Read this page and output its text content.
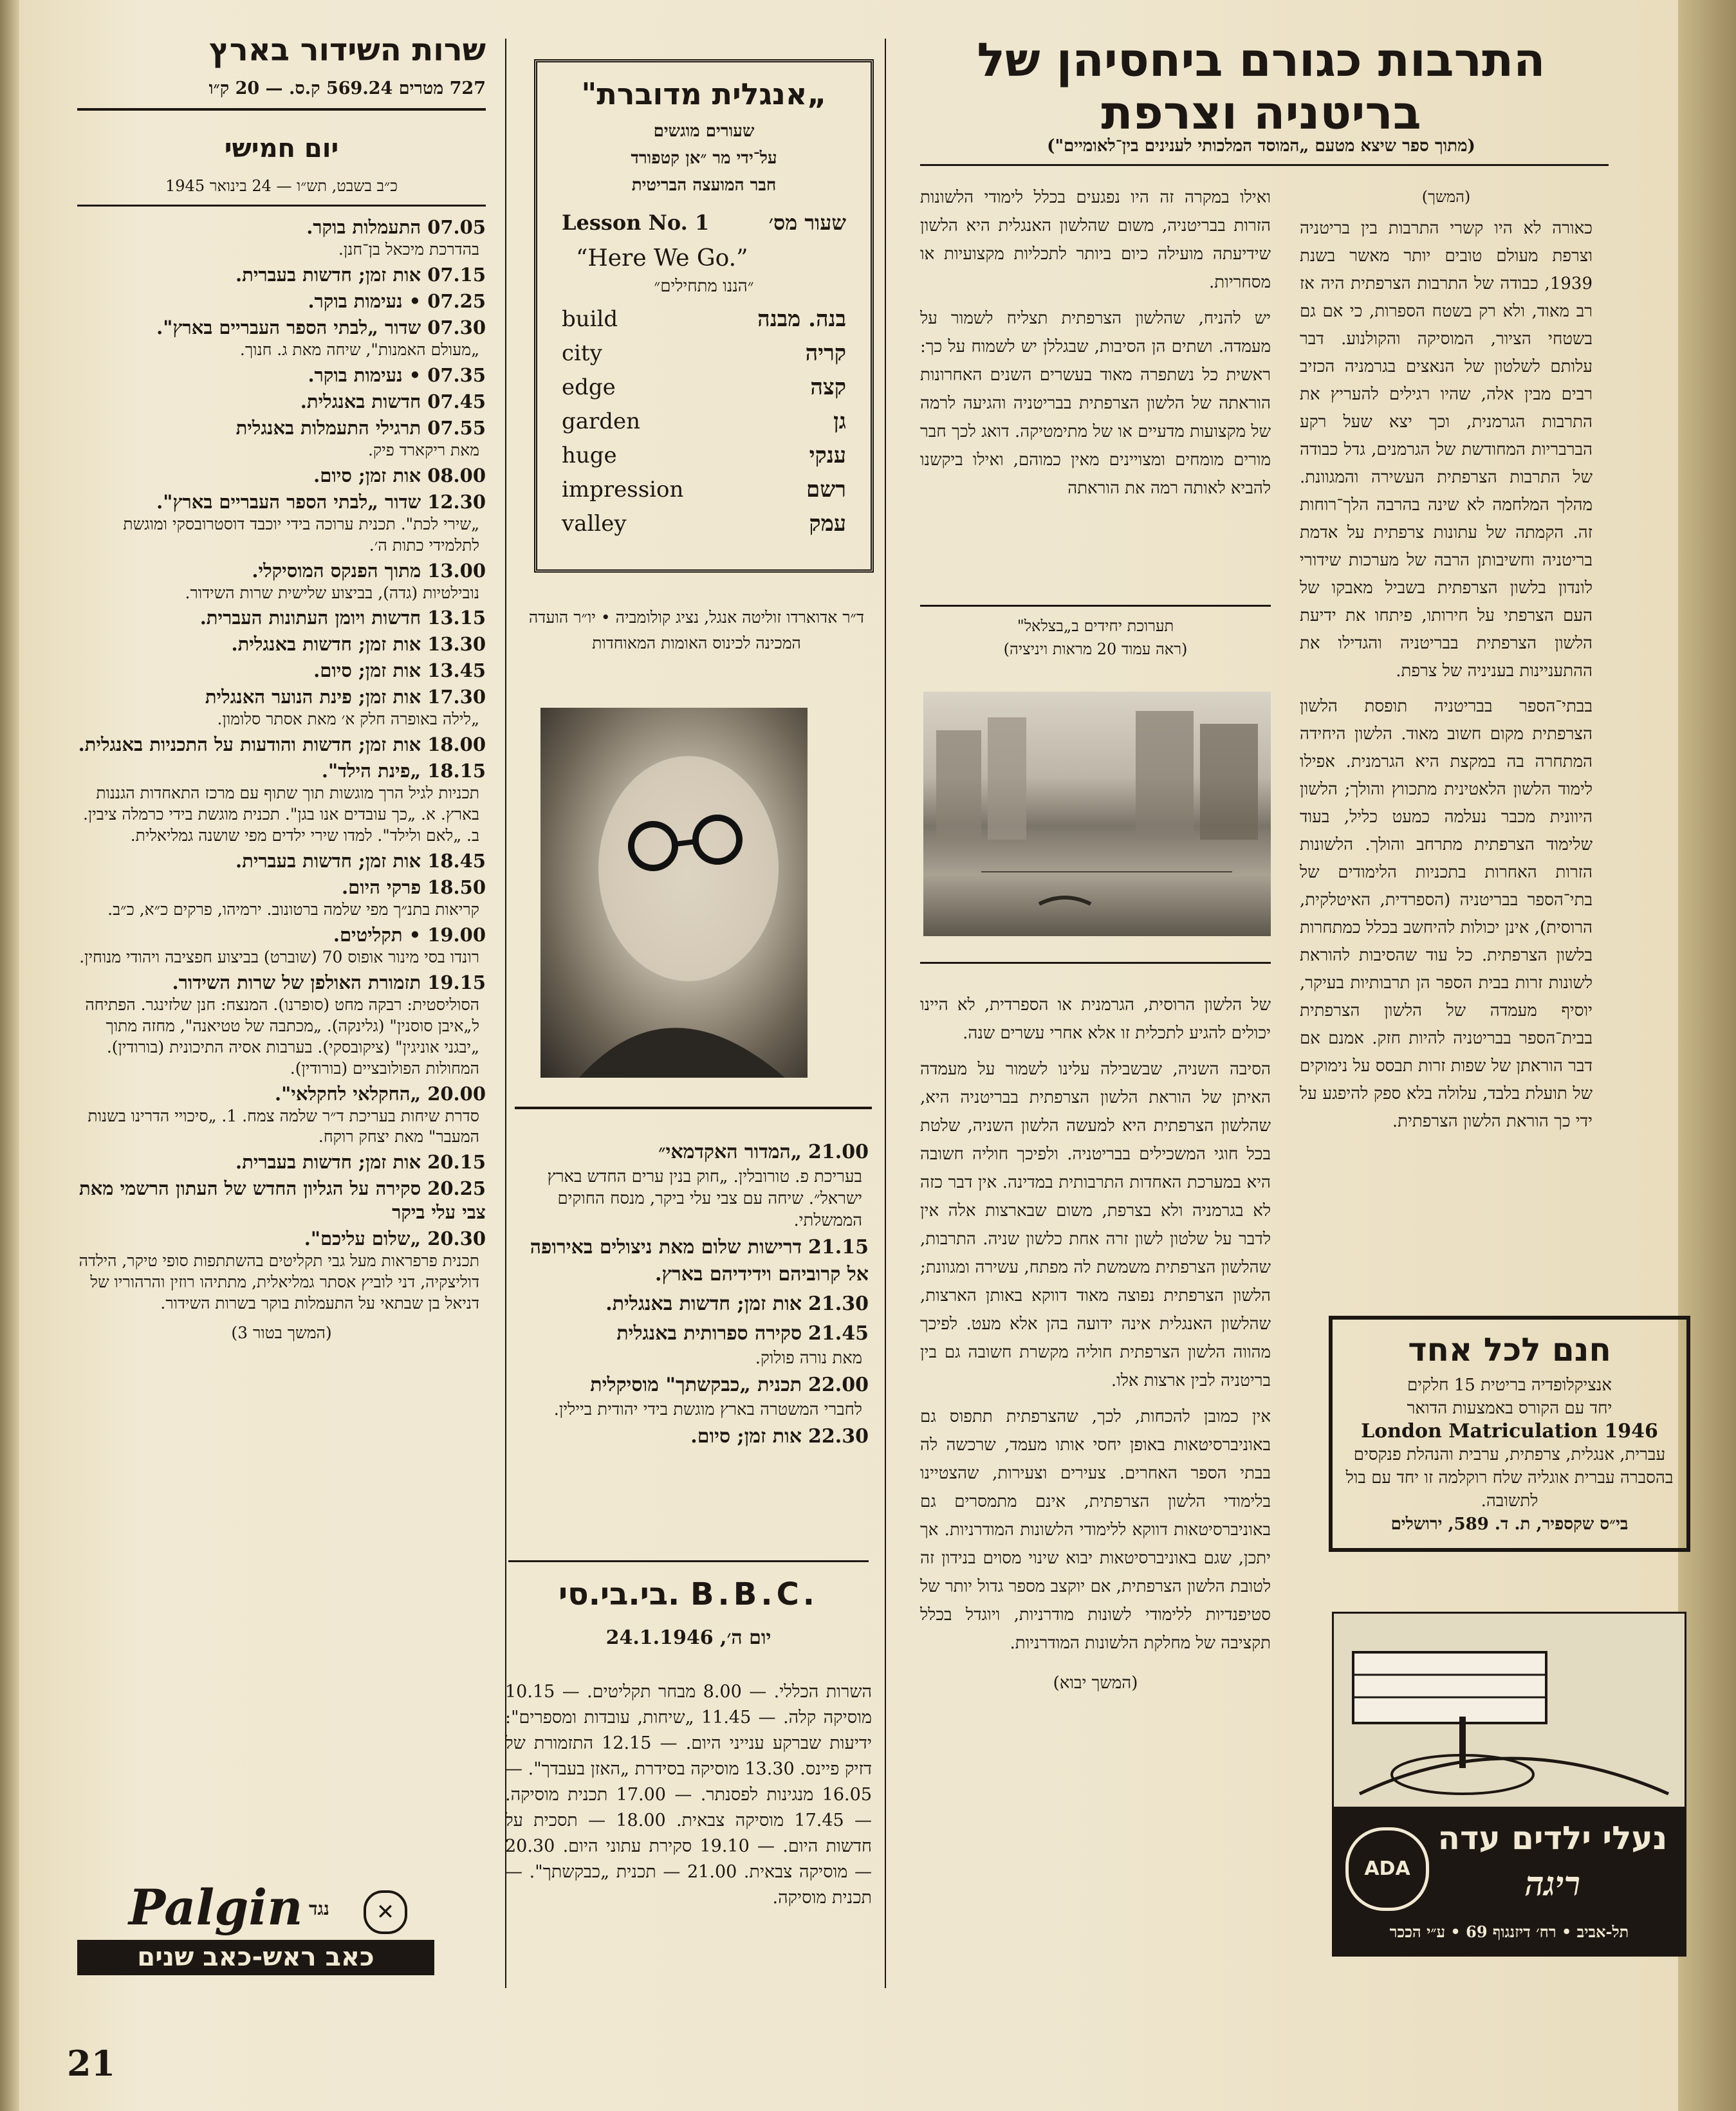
התרבות כגורם ביחסיהן של בריטניה וצרפת
(מתוך ספר שיצא מטעם „המוסד המלכותי לענינים בין־לאומיים")
(המשך)

כאורה לא היו קשרי התרבות בין בריטניה וצרפת מעולם טובים יותר מאשר בשנת 1939, כבודה של התרבות הצרפתית היה אז רב מאוד, ולא רק בשטח הספרות, כי אם גם בשטחי הציור, המוסיקה והקולנוע. דבר עלותם לשלטון של הנאצים בגרמניה הכזיב רבים מבין אלה, שהיו רגילים להעריץ את התרבות הגרמנית, וכך יצא שעל רקע הברבריות המחודשת של הגרמנים, גדל כבודה של התרבות הצרפתית העשירה והמגוונת. מהלך המלחמה לא שינה בהרבה הלך־רוחות זה. הקמתה של עתונות צרפתית על אדמת בריטניה וחשיבותן הרבה של מערכות שידורי לונדון בלשון הצרפתית בשביל מאבקו של העם הצרפתי על חירותו, פיתחו את ידיעת הלשון הצרפתית בבריטניה והגדילו את ההתעניינות בעניניה של צרפת.

בבתי־הספר בבריטניה תופסת הלשון הצרפתית מקום חשוב מאוד. הלשון היחידה המתחרה בה במקצת היא הגרמנית. אפילו לימוד הלשון הלאטינית מתכווץ והולך; הלשון היוונית מכבר נעלמה כמעט כליל, בעוד שלימוד הצרפתית מתרחב והולך. הלשונות הזרות האחרות בתכניות הלימודים של בתי־הספר בבריטניה (הספרדית, האיטלקית, הרוסית), אינן יכולות להיחשב בכלל כמתחרות בלשון הצרפתית. כל עוד שהסיבות להוראת לשונות זרות בבית הספר הן תרבותיות בעיקר, יוסיף מעמדה של הלשון הצרפתית בבית־הספר בבריטניה להיות חזק. אמנם אם דבר הוראתן של שפות זרות תבסס על נימוקים של תועלת בלבד, עלולה בלא ספק להיפגע על ידי כך הוראת הלשון הצרפתית.

ואילו במקרה זה היו נפגעים בכלל לימודי הלשונות הזרות בבריטניה, משום שהלשון האנגלית היא הלשון שידיעתה מועילה כיום ביותר לתכליות מקצועיות או מסחריות.

יש להניח, שהלשון הצרפתית תצליח לשמור על מעמדה. ושתים הן הסיבות, שבגללן יש לשמוח על כך: ראשית כל נשתפרה מאוד בעשרים השנים האחרונות הוראתה של הלשון הצרפתית בבריטניה והגיעה לרמה של מקצועות מדעיים או של מתימטיקה. דואג לכך חבר מורים מומחים ומצויינים מאין כמוהם, ואילו ביקשנו להביא לאותה רמה את הוראתה

תערוכת יחידים ב„בצלאל"
(ראה עמוד 20 מראות ויניציה)

של הלשון הרוסית, הגרמנית או הספרדית, לא היינו יכולים להגיע לתכלית זו אלא אחרי עשרים שנה.

הסיבה השניה, שבשבילה עלינו לשמור על מעמדה האיתן של הוראת הלשון הצרפתית בבריטניה היא, שהלשון הצרפתית היא למעשה הלשון השניה, שלטת בכל חוגי המשכילים בבריטניה. ולפיכך חוליה חשובה היא במערכת האחדות התרבותית במדינה. אין דבר כזה לא בגרמניה ולא בצרפת, משום שבארצות אלה אין לדבר על שלטון לשון זרה אחת כלשון שניה. התרבות, שהלשון הצרפתית משמשת לה מפתח, עשירה ומגוונת; הלשון הצרפתית נפוצה מאוד דווקא באותן הארצות, שהלשון האנגלית אינה ידועה בהן אלא מעט. לפיכך מהווה הלשון הצרפתית חוליה מקשרת חשובה גם בין בריטניה לבין ארצות אלו.

אין כמובן להכחות, לכך, שהצרפתית תתפוס גם באוניברסיטאות באופן יחסי אותו מעמד, שרכשה לה בבתי הספר האחרים. צעירים וצעירות, שהצטיינו בלימודי הלשון הצרפתית, אינם מתמסרים גם באוניברסיטאות דווקא ללימודי הלשונות המודרניות. אך יתכן, שגם באוניברסיטאות יבוא שינוי מסוים בנידון זה לטובת הלשון הצרפתית, אם יוקצב מספר גדול יותר של סטיפנדיות ללימודי לשונות מודרניות, ויוגדל בכלל תקציבה של מחלקת הלשונות המודרניות.

(המשך יבוא)
„אנגלית מדוברת"
שעורים מוגשים
על־ידי מר ״אן קטפורד
חבר המועצה הבריטית
שעור מס׳
Lesson No. 1
“Here We Go.”
״הננו מתחילים״
בנה. מבנה
build
קריה
city
קצה
edge
גן
garden
ענקי
huge
רשם
impression
עמק
valley
ד״ר אדוארדו זוליטה אנגל, נציג קולומביה • יו״ר הועדה המכינה לכינוס האומות המאוחדות
21.00„המדור האקדמאי״
בעריכת פ. טורובלין. „חוק בנין ערים החדש בארץ ישראל״. שיחה עם צבי עלי ביקר, מנסח החוקים הממשלתי.
21.15דרישות שלום מאת ניצולים באירופה אל קרוביהם וידידיהם בארץ.
21.30אות זמן; חדשות באנגלית.
21.45סקירה ספרותית באנגלית
מאת נורה פולוק.
22.00תכנית „כבקשתך" מוסיקלית
לחברי המשטרה בארץ מוגשת בידי יהודית ביילין.
22.30אות זמן; סיום.
בי.בי.סי. B.B.C.
יום ה׳, 24.1.1946
השרות הכללי. — 8.00 מבחר תקליטים. — 10.15 מוסיקה קלה. — 11.45 „שיחות, עובדות ומספרים": ידיעות שברקע ענייני היום. — 12.15 התזמורת של דזיק פיינס. 13.30 מוסיקה בסידרת „האזן בעבדך". — 16.05 מנגינות לפסנתר. — 17.00 תכנית מוסיקה. — 17.45 מוסיקה צבאית. 18.00 — תסכית על חדשות היום. — 19.10 סקירת עתוני היום. 20.30 — מוסיקה צבאית. 21.00 — תכנית „כבקשתך". — תכנית מוסיקה.
שרות השידור בארץ
727 מטרים 569.24 ק.ס. — 20 ק״ו
יום חמישי
כ״ב בשבט, תש״ו — 24 בינואר 1945
07.05התעמלות בוקר.
בהדרכת מיכאל בן־חנן.
07.15אות זמן; חדשות בעברית.
07.25• נעימות בוקר.
07.30שדור „לבתי הספר העבריים בארץ".
„מעולם האמנות", שיחה מאת ג. חנוך.
07.35• נעימות בוקר.
07.45חדשות באנגלית.
07.55תרגילי התעמלות באנגלית
מאת ריקארד פיק.
08.00אות זמן; סיום.
12.30שדור „לבתי הספר העבריים בארץ".
„שירי לכת". תכנית ערוכה בידי יוכבד דוסטרובסקי ומוגשת לתלמידי כתות ה׳.
13.00מתוך הפנקס המוסיקלי.
נובילטיות (גדה), בביצוע שלישית שרות השידור.
13.15חדשות ויומן העתונות העברית.
13.30אות זמן; חדשות באנגלית.
13.45אות זמן; סיום.
17.30אות זמן; פינת הנוער האנגלית
„לילה באופרה חלק א׳ מאת אסתר סלומון.
18.00אות זמן; חדשות והודעות על התכניות באנגלית.
18.15„פינת הילד".
תכניות לגיל הרך מוגשות תוך שתוף עם מרכז התאחדות הגננות בארץ. א. „כך עובדים אנו בגן". תכנית מוגשת בידי כרמלה ציבין. ב. „לאם ולילד". למדו שירי ילדים מפי שושנה גמליאלית.
18.45אות זמן; חדשות בעברית.
18.50פרקי היום.
קריאות בתנ״ך מפי שלמה ברטונוב. ירמיהו, פרקים כ״א, כ״ב.
19.00• תקליטים.
רונדו בסי מינור אופוס 70 (שוברט) בביצוע חפציבה ויהודי מנוחין.
19.15תזמורת האולפן של שרות השידור.
הסוליסטית: רבקה מחט (סופרנו). המנצח: חנן שלזינגר. הפתיחה ל„איבן סוסנין" (גלינקה). „מכתבה של טטיאנה", מחזה מתוך „יבגני אוניגין" (ציקובסקי). בערבות אסיה התיכונית (בורודין). המחולות הפולובציים (בורודין).
20.00„החקלאי לחקלאי".
סדרת שיחות בעריכת ד״ר שלמה צמח. 1. „סיכויי הדרינו בשנות המעבר" מאת יצחק רוקח.
20.15אות זמן; חדשות בעברית.
20.25סקירה על הגליון החדש של העתון הרשמי מאת צבי עלי ביקר
20.30„שלום עליכם".
תכנית פרפראות מעל גבי תקליטים בהשתתפות סופי טיקר, הילדה דוליצקיה, דני לוביץ אסתר גמליאלית, מתתיהו רוזין והרהוריו של דניאל בן שבתאי על התעמלות בוקר בשרות השידור.
(המשך בטור 3)	חנם לכל אחד
אנציקלופדיה בריטית 15 חלקים
יחד עם הקורס באמצעות הדואר
London Matriculation 1946
עברית, אנגלית, צרפתית, ערבית והנהלת פנקסים בהסברה עברית אוגליה שלח רוקלמה זו יחד עם בול לתשובה.
בי״ס שקספיר, ת. ד. 589, ירושלים
ADA
נעלי ילדים עדה
ריגה
תל-אביב • רח׳ דיזנגוף 69 • ע״י הככר
Palgin	✕
נגד
כאב ראש-כאב שנים
21
